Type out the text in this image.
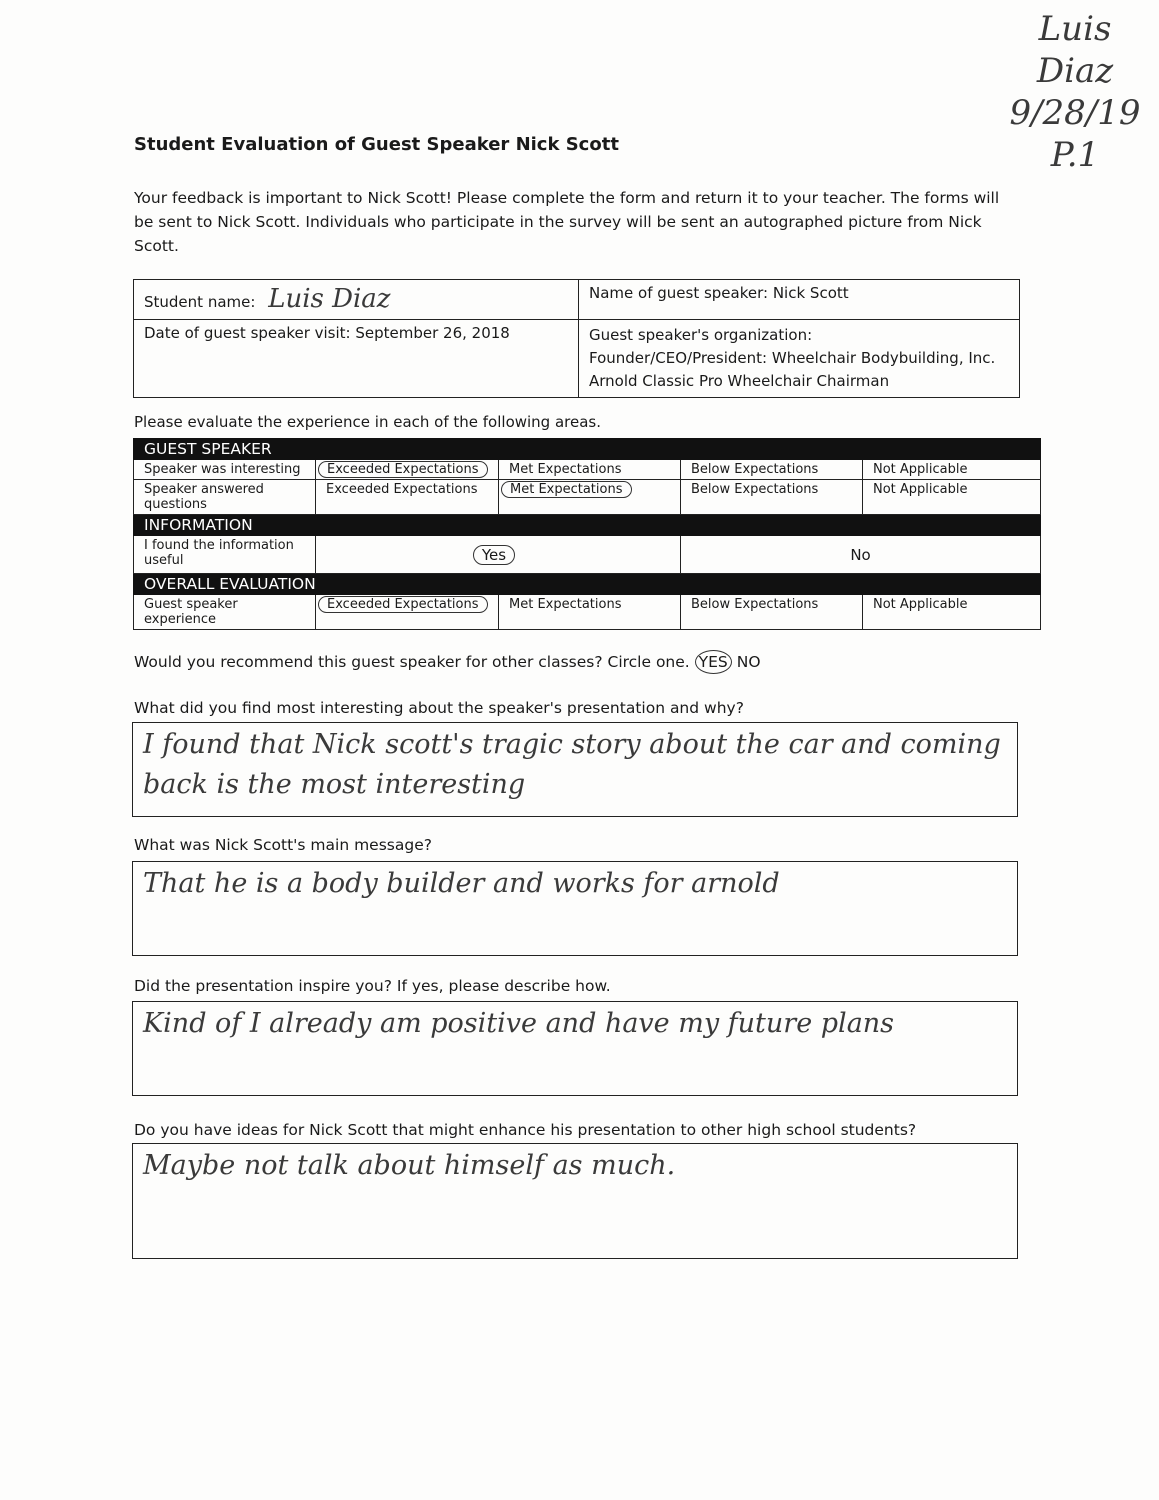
Luis
Diaz
9/28/19
P.1
Student Evaluation of Guest Speaker Nick Scott

Your feedback is important to Nick Scott! Please complete the form and return it to your teacher. The forms will be sent to Nick Scott. Individuals who participate in the survey will be sent an autographed picture from Nick Scott.

Student name: Luis Diaz	Name of guest speaker: Nick Scott
Date of guest speaker visit: September 26, 2018	Guest speaker's organization:
Founder/CEO/President: Wheelchair Bodybuilding, Inc.
Arnold Classic Pro Wheelchair Chairman

Please evaluate the experience in each of the following areas.

GUEST SPEAKER				
Speaker was interesting	Exceeded Expectations	Met Expectations	Below Expectations	Not Applicable
Speaker answered questions	Exceeded Expectations	Met Expectations	Below Expectations	Not Applicable
INFORMATION				
I found the information useful	Yes		No	
OVERALL EVALUATION				
Guest speaker experience	Exceeded Expectations	Met Expectations	Below Expectations	Not Applicable

Would you recommend this guest speaker for other classes? Circle one. YES NO

What did you find most interesting about the speaker's presentation and why?

I found that Nick scott's tragic story about the car and coming back is the most interesting

What was Nick Scott's main message?

That he is a body builder and works for arnold

Did the presentation inspire you? If yes, please describe how.

Kind of I already am positive and have my future plans

Do you have ideas for Nick Scott that might enhance his presentation to other high school students?

Maybe not talk about himself as much.
